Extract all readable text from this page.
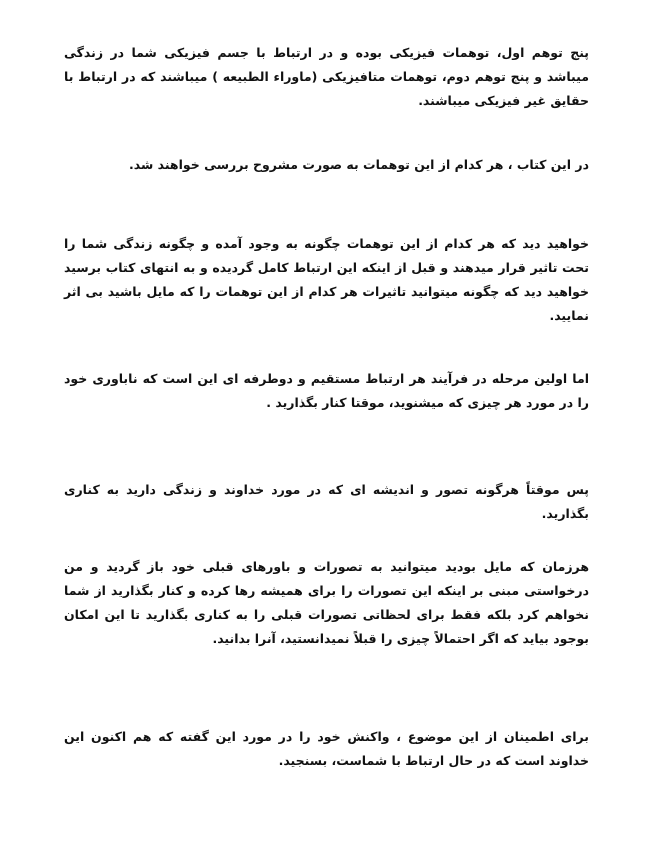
پنج توهم اول، توهمات فیزیکی بوده و در ارتباط با جسم فیزیکی شما در زندگی میباشد و پنج توهم دوم، توهمات متافیزیکی (ماوراء الطبیعه ) میباشند که در ارتباط با حقایق غیر فیزیکی میباشند.

در این کتاب ، هر کدام از این توهمات به صورت مشروح بررسی خواهند شد.

خواهید دید که هر کدام از این توهمات چگونه به وجود آمده و چگونه زندگی شما را تحت تاثیر قرار میدهند و قبل از اینکه این ارتباط کامل گردیده و به انتهای کتاب برسید خواهید دید که چگونه میتوانید تاثیرات هر کدام از این توهمات را که مایل باشید بی اثر نمایید.

اما اولین مرحله در فرآیند هر ارتباط مستقیم و دوطرفه ای این است که ناباوری خود را در مورد هر چیزی که میشنوید، موقتا کنار بگذارید .

پس موقتاً هرگونه تصور و اندیشه ای که در مورد خداوند و زندگی دارید به کناری بگذارید.

هرزمان که مایل بودید میتوانید به تصورات و باورهای قبلی خود باز گردید و من درخواستی مبنی بر اینکه این تصورات را برای همیشه رها کرده و کنار بگذارید از شما نخواهم کرد بلکه فقط برای لحظاتی تصورات قبلی را به کناری بگذارید تا این امکان بوجود بیاید که اگر احتمالاً چیزی را قبلاً نمیدانستید، آنرا بدانید.

برای اطمینان از این موضوع ، واکنش خود را در مورد این گفته که هم اکنون این خداوند است که در حال ارتباط با شماست، بسنجید.
